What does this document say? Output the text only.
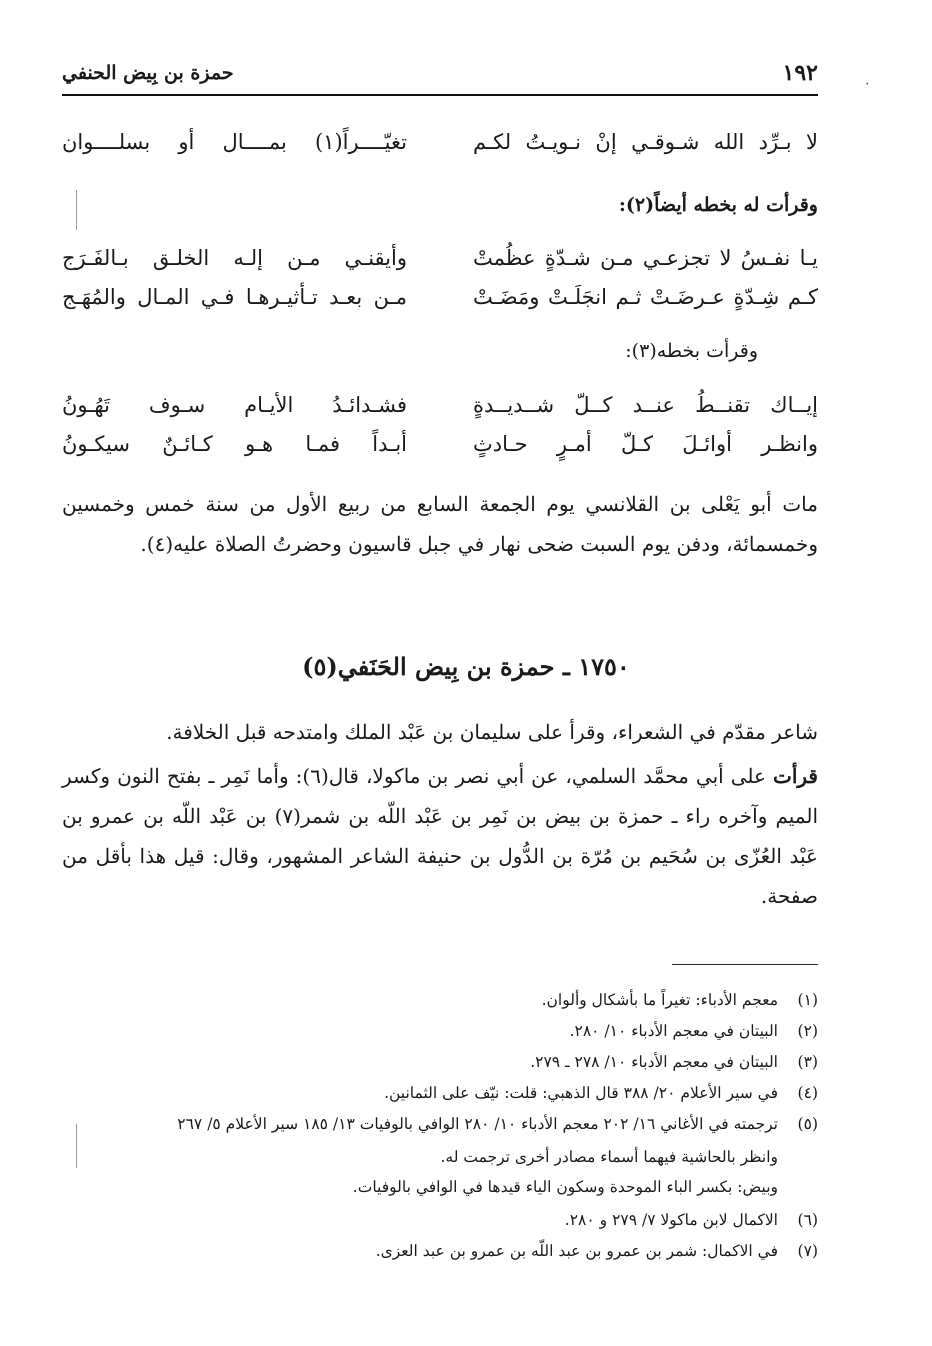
١٩٢
حمزة بن بِيض الحنفي	٠
لا بـرِّد الله شـوقـي إنْ نـويـتُ لكـم
تغيّــــراً(١) بمــــال أو بسلــــوان
وقرأت له بخطه أيضاً(٢):
يـا نفـسُ لا تجزعـي مـن شـدّةٍ عظُمتْ
وأيقنـي مـن إلـه الخلـق بـالفَـرَج
كـم شِـدّةٍ عـرضَـتْ ثـم انجَلَـتْ ومَضَـتْ
مـن بعـد تـأثيـرهـا فـي المـال والمُهَـج
وقرأت بخطه(٣):
إيــاك تقنــطُ عنــد كــلّ شــديــدةٍ
فشـدائـدُ الأيـام سـوف تَهُـونُ
وانظـر أوائـلَ كـلّ أمـرٍ حـادثٍ
أبـداً فمـا هـو كـائـنٌ سيكـونُ
مات أبو يَعْلى بن القلانسي يوم الجمعة السابع من ربيع الأول من سنة خمس وخمسين وخمسمائة، ودفن يوم السبت ضحى نهار في جبل قاسيون وحضرتُ الصلاة عليه(٤).
١٧٥٠ ـ حمزة بن بِيض الحَنَفي(٥)
شاعر مقدّم في الشعراء، وقرأ على سليمان بن عَبْد الملك وامتدحه قبل الخلافة.
قرأت على أبي محمَّد السلمي، عن أبي نصر بن ماكولا، قال(٦): وأما نَمِر ـ بفتح النون وكسر الميم وآخره راء ـ حمزة بن بيض بن نَمِر بن عَبْد اللّه بن شمر(٧) بن عَبْد اللّه بن عمرو بن عَبْد العُزّى بن سُحَيم بن مُرّة بن الدُّول بن حنيفة الشاعر المشهور، وقال: قيل هذا بأقل من صفحة.
(١)معجم الأدباء: تغيراً ما بأشكال وألوان.
(٢)البيتان في معجم الأدباء ١٠/ ٢٨٠.
(٣)البيتان في معجم الأدباء ١٠/ ٢٧٨ ـ ٢٧٩.
(٤)في سير الأعلام ٢٠/ ٣٨٨ قال الذهبي: قلت: نيّف على الثمانين.
(٥)ترجمته في الأغاني ١٦/ ٢٠٢ معجم الأدباء ١٠/ ٢٨٠ الوافي بالوفيات ١٣/ ١٨٥ سير الأعلام ٥/ ٢٦٧
وانظر بالحاشية فيهما أسماء مصادر أخرى ترجمت له.
وبيض: بكسر الباء الموحدة وسكون الياء قيدها في الوافي بالوفيات.
(٦)الاكمال لابن ماكولا ٧/ ٢٧٩ و ٢٨٠.
(٧)في الاكمال: شمر بن عمرو بن عبد اللّه بن عمرو بن عبد العزى.
